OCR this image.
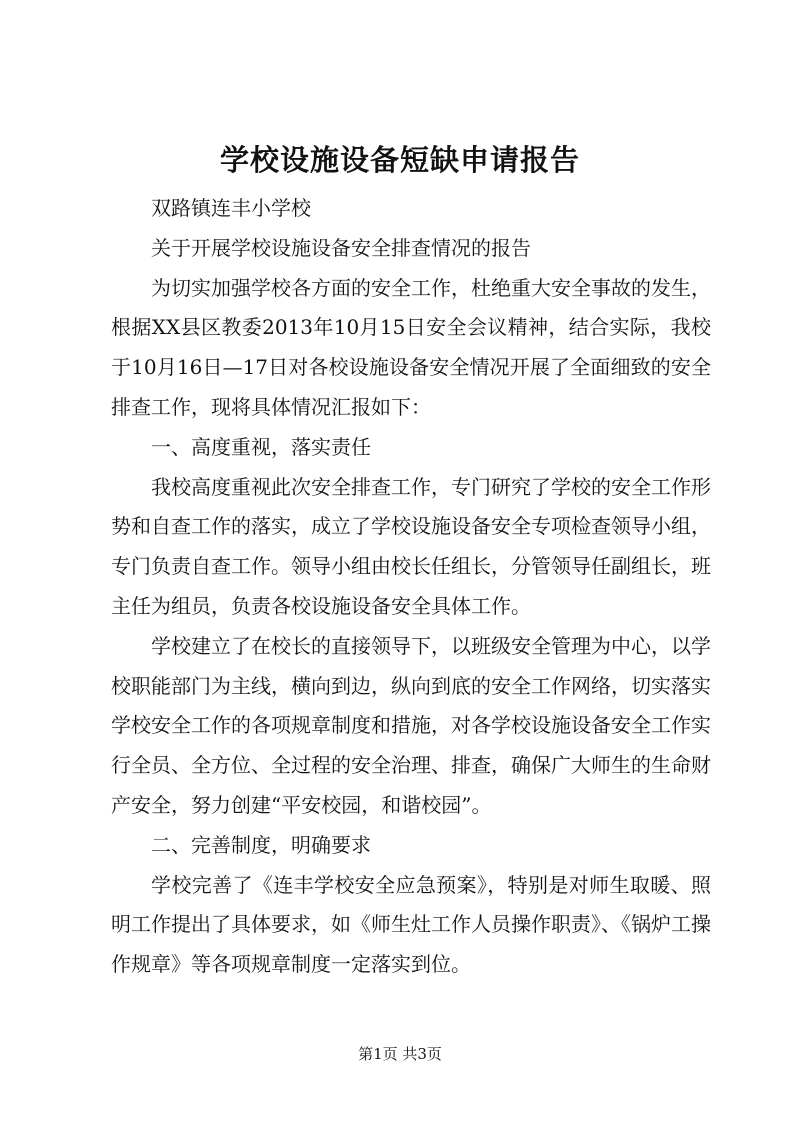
学校设施设备短缺申请报告

双路镇连丰小学校

关于开展学校设施设备安全排查情况的报告

为切实加强学校各方面的安全工作，杜绝重大安全事故的发生，根据XX县区教委2013年10月15日安全会议精神，结合实际，我校于10月16日—17日对各校设施设备安全情况开展了全面细致的安全排查工作，现将具体情况汇报如下：

一、高度重视，落实责任

我校高度重视此次安全排查工作，专门研究了学校的安全工作形势和自查工作的落实，成立了学校设施设备安全专项检查领导小组，专门负责自查工作。领导小组由校长任组长，分管领导任副组长，班主任为组员，负责各校设施设备安全具体工作。

学校建立了在校长的直接领导下，以班级安全管理为中心，以学校职能部门为主线，横向到边，纵向到底的安全工作网络，切实落实学校安全工作的各项规章制度和措施，对各学校设施设备安全工作实行全员、全方位、全过程的安全治理、排查，确保广大师生的生命财产安全，努力创建“平安校园，和谐校园”。

二、完善制度，明确要求

学校完善了《连丰学校安全应急预案》，特别是对师生取暖、照明工作提出了具体要求，如《师生灶工作人员操作职责》、《锅炉工操作规章》等各项规章制度一定落实到位。

第1页 共3页
